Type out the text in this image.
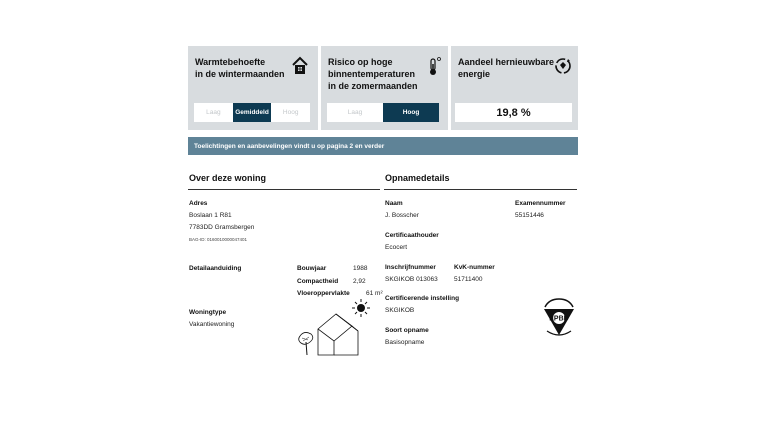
Warmtebehoefte
in de wintermaanden
Laag	Gemiddeld	Hoog
Risico op hoge
binnentemperaturen
in de zomermaanden
Laag	Hoog
Aandeel hernieuwbare
energie
19,8 %
Toelichtingen en aanbevelingen vindt u op pagina 2 en verder
Over deze woning
Adres
Boslaan 1 R81
7783DD Gramsbergen
BAG-ID: 0160010000047401
Detailaanduiding	Bouwjaar	1988
Compactheid 2,92
Vloeroppervlakte	61 m²
Woningtype
Vakantiewoning
Opnamedetails
Naam
J. Bosscher
Examennummer
55151446
Certificaathouder
Ecocert
Inschrijfnummer
SKGIKOB 013063
KvK-nummer
51711400
Certificerende instelling
SKGIKOB
Soort opname
Basisopname
EPBD
